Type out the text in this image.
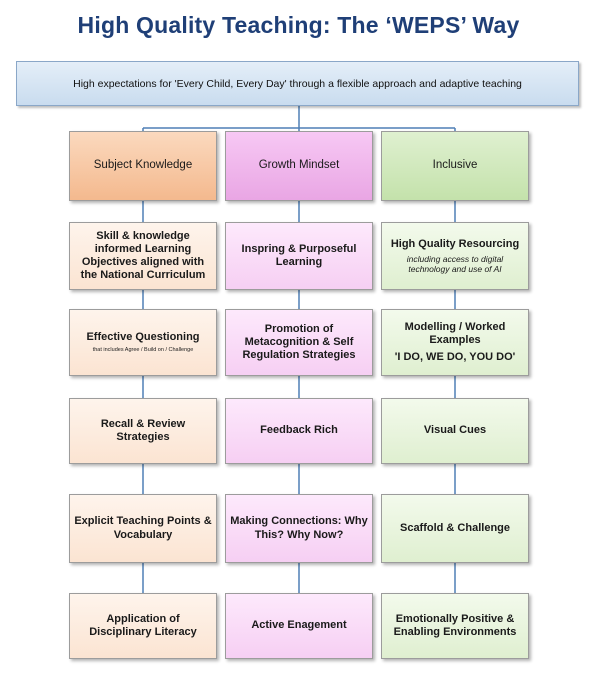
High Quality Teaching: The ‘WEPS’ Way
High expectations for 'Every Child, Every Day' through a flexible approach and adaptive teaching
Subject Knowledge
Skill & knowledge informed Learning Objectives aligned with the National Curriculum
Effective Questioning
that includes Agree / Build on / Challenge
Recall & Review Strategies
Explicit Teaching Points & Vocabulary
Application of Disciplinary Literacy
Growth Mindset
Inspring & Purposeful Learning
Promotion of Metacognition & Self Regulation Strategies
Feedback Rich
Making Connections: Why This? Why Now?
Active Enagement
Inclusive
High Quality Resourcing
including access to digital technology and use of AI
Modelling / Worked Examples
'I DO, WE DO, YOU DO'
Visual Cues
Scaffold & Challenge
Emotionally Positive & Enabling Environments
